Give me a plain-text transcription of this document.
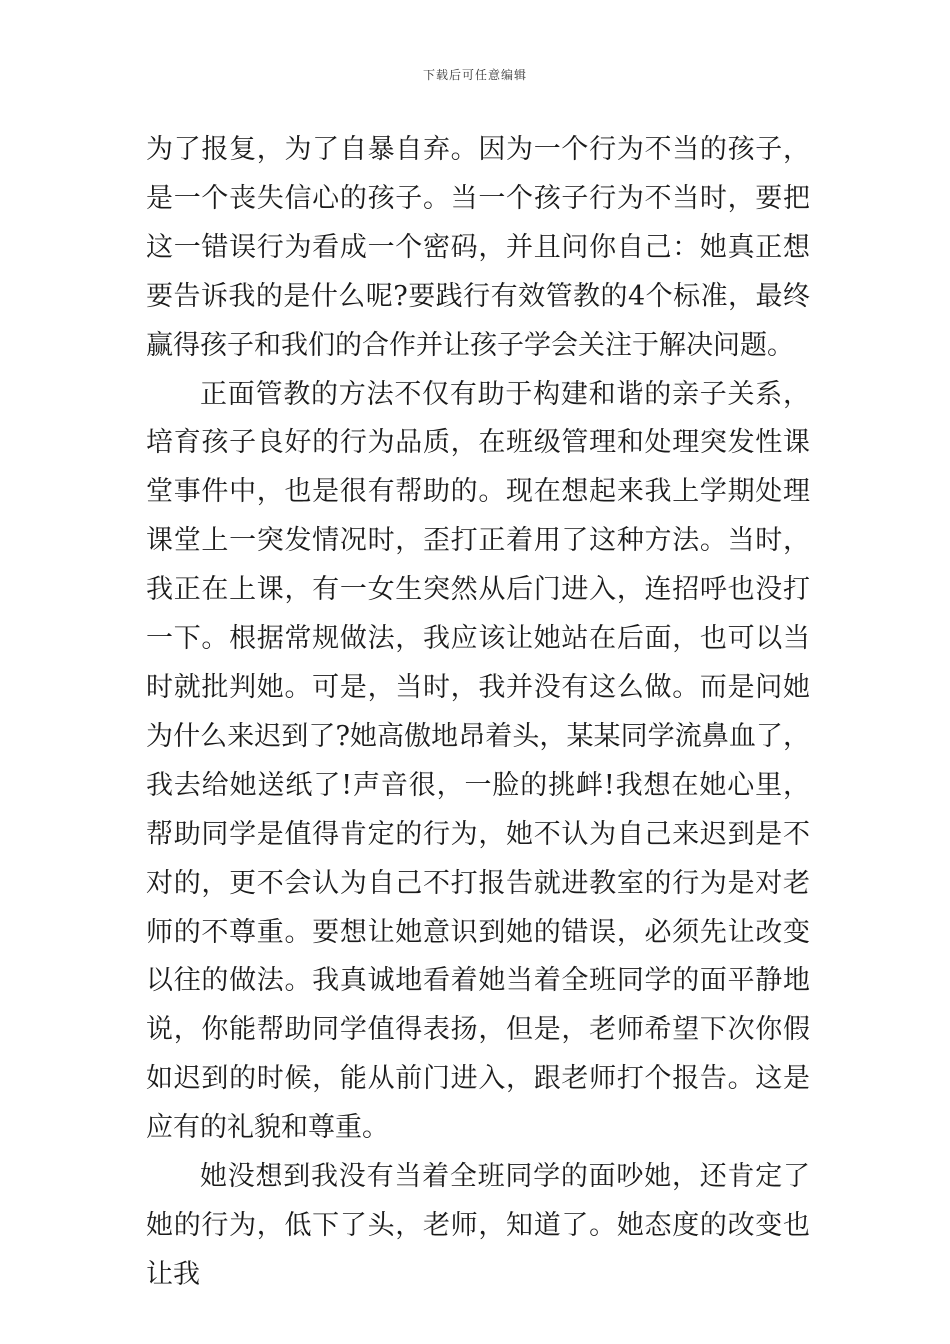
下载后可任意编辑

为了报复，为了自暴自弃。因为一个行为不当的孩子，是一个丧失信心的孩子。当一个孩子行为不当时，要把这一错误行为看成一个密码，并且问你自己：她真正想要告诉我的是什么呢?要践行有效管教的4个标准，最终赢得孩子和我们的合作并让孩子学会关注于解决问题。

正面管教的方法不仅有助于构建和谐的亲子关系，培育孩子良好的行为品质，在班级管理和处理突发性课堂事件中，也是很有帮助的。现在想起来我上学期处理课堂上一突发情况时，歪打正着用了这种方法。当时，我正在上课，有一女生突然从后门进入，连招呼也没打一下。根据常规做法，我应该让她站在后面，也可以当时就批判她。可是，当时，我并没有这么做。而是问她为什么来迟到了?她高傲地昂着头，某某同学流鼻血了，我去给她送纸了!声音很，一脸的挑衅!我想在她心里，帮助同学是值得肯定的行为，她不认为自己来迟到是不对的，更不会认为自己不打报告就进教室的行为是对老师的不尊重。要想让她意识到她的错误，必须先让改变以往的做法。我真诚地看着她当着全班同学的面平静地说，你能帮助同学值得表扬，但是，老师希望下次你假如迟到的时候，能从前门进入，跟老师打个报告。这是应有的礼貌和尊重。

她没想到我没有当着全班同学的面吵她，还肯定了她的行为，低下了头，老师，知道了。她态度的改变也让我
